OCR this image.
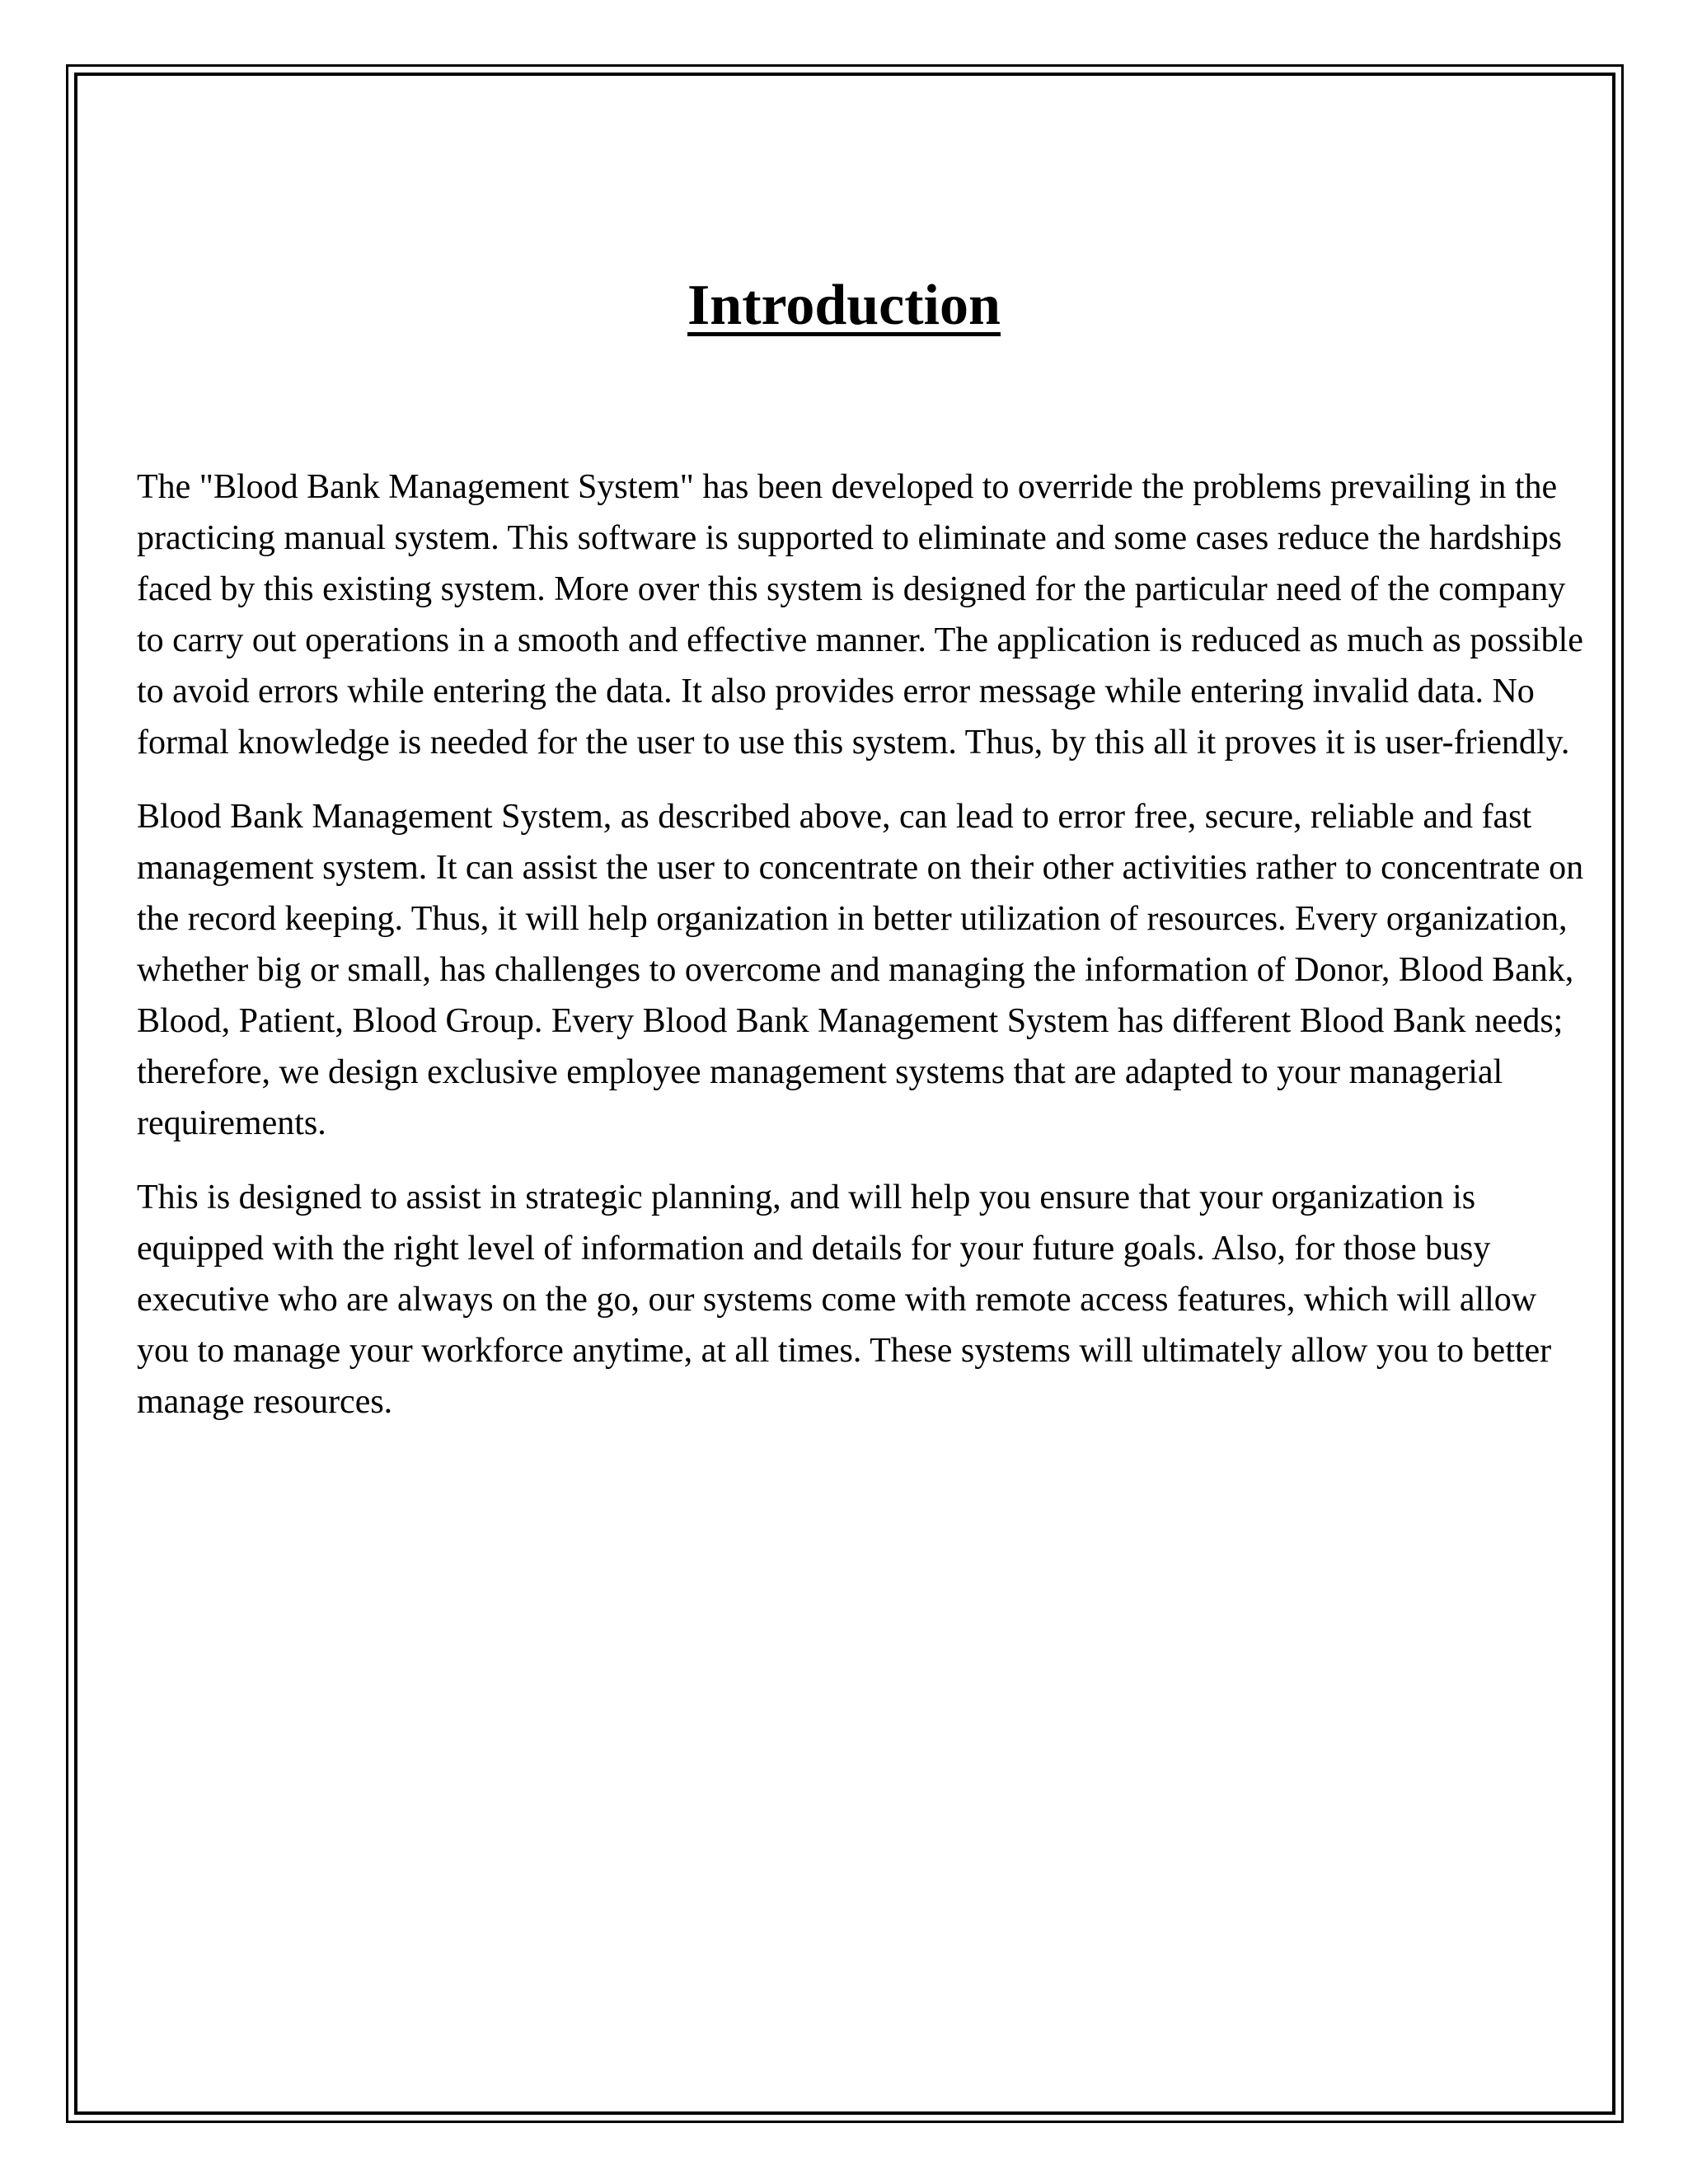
Introduction

The "Blood Bank Management System" has been developed to override the problems prevailing in the practicing manual system. This software is supported to eliminate and some cases reduce the hardships faced by this existing system. More over this system is designed for the particular need of the company to carry out operations in a smooth and effective manner. The application is reduced as much as possible to avoid errors while entering the data. It also provides error message while entering invalid data. No formal knowledge is needed for the user to use this system. Thus, by this all it proves it is user-friendly.

Blood Bank Management System, as described above, can lead to error free, secure, reliable and fast management system. It can assist the user to concentrate on their other activities rather to concentrate on the record keeping. Thus, it will help organization in better utilization of resources. Every organization, whether big or small, has challenges to overcome and managing the information of Donor, Blood Bank, Blood, Patient, Blood Group. Every Blood Bank Management System has different Blood Bank needs; therefore, we design exclusive employee management systems that are adapted to your managerial requirements.

This is designed to assist in strategic planning, and will help you ensure that your organization is equipped with the right level of information and details for your future goals. Also, for those busy executive who are always on the go, our systems come with remote access features, which will allow you to manage your workforce anytime, at all times. These systems will ultimately allow you to better manage resources.
